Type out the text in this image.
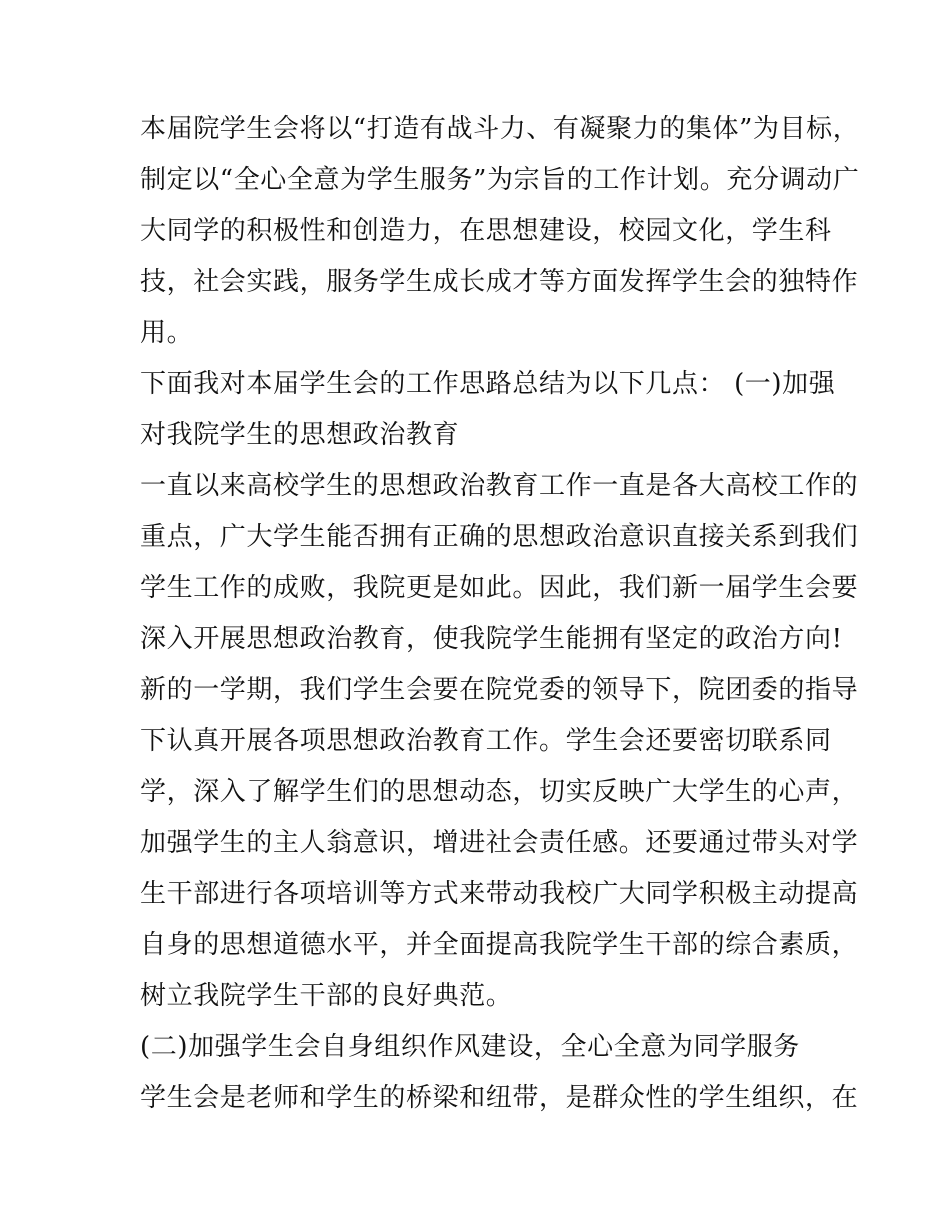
本届院学生会将以“打造有战斗力、有凝聚力的集体”为目标，
制定以“全心全意为学生服务”为宗旨的工作计划。充分调动广
大同学的积极性和创造力，在思想建设，校园文化，学生科
技，社会实践，服务学生成长成才等方面发挥学生会的独特作
用。
下面我对本届学生会的工作思路总结为以下几点： (一)加强
对我院学生的思想政治教育
一直以来高校学生的思想政治教育工作一直是各大高校工作的
重点，广大学生能否拥有正确的思想政治意识直接关系到我们
学生工作的成败，我院更是如此。因此，我们新一届学生会要
深入开展思想政治教育，使我院学生能拥有坚定的政治方向!
新的一学期，我们学生会要在院党委的领导下，院团委的指导
下认真开展各项思想政治教育工作。学生会还要密切联系同
学，深入了解学生们的思想动态，切实反映广大学生的心声，
加强学生的主人翁意识，增进社会责任感。还要通过带头对学
生干部进行各项培训等方式来带动我校广大同学积极主动提高
自身的思想道德水平，并全面提高我院学生干部的综合素质，
树立我院学生干部的良好典范。
(二)加强学生会自身组织作风建设，全心全意为同学服务
学生会是老师和学生的桥梁和纽带，是群众性的学生组织，在
